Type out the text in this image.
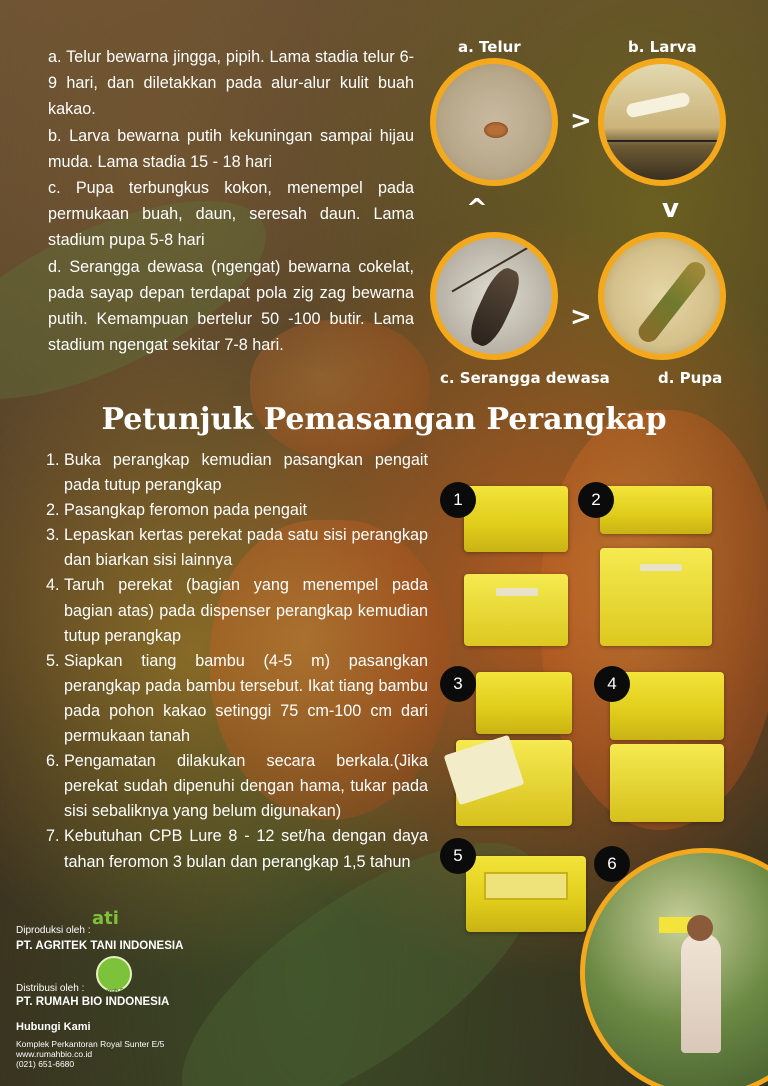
a. Telur bewarna jingga, pipih. Lama stadia telur 6-9 hari, dan diletakkan pada alur-alur kulit buah kakao.

b. Larva bewarna putih kekuningan sampai hijau muda. Lama stadia 15 - 18 hari

c. Pupa terbungkus kokon, menempel pada permukaan buah, daun, seresah daun. Lama stadium pupa 5-8 hari

d. Serangga dewasa (ngengat) bewarna cokelat, pada sayap depan terdapat pola zig zag bewarna putih. Kemampuan bertelur 50 -100 butir. Lama stadium ngengat sekitar 7-8 hari.

a. Telur	b. Larva
>
v
^
>
c. Serangga dewasa	d. Pupa
Petunjuk Pemasangan Perangkap
1. Buka perangkap kemudian pasangkan pengait pada tutup perangkap
2. Pasangkap feromon pada pengait
3. Lepaskan kertas perekat pada satu sisi perangkap dan biarkan sisi lainnya
4. Taruh perekat (bagian yang menempel pada bagian atas) pada dispenser perangkap kemudian tutup perangkap
5. Siapkan tiang bambu (4-5 m) pasangkan perangkap pada bambu tersebut. Ikat tiang bambu pada pohon kakao setinggi 75 cm-100 cm dari permukaan tanah
6. Pengamatan dilakukan secara berkala.(Jika perekat sudah dipenuhi dengan hama, tukar pada sisi sebaliknya yang belum digunakan)
7. Kebutuhan CPB Lure 8 - 12 set/ha dengan daya tahan feromon 3 bulan dan perangkap 1,5 tahun
1	2
3	4
5	6
Diproduksi oleh :
ati
PT. AGRITEK TANI INDONESIA
$_{Rumah Bio}$
Distribusi oleh :
PT. RUMAH BIO INDONESIA
Hubungi Kami
Komplek Perkantoran Royal Sunter E/5
www.rumahbio.co.id
(021) 651-6680
